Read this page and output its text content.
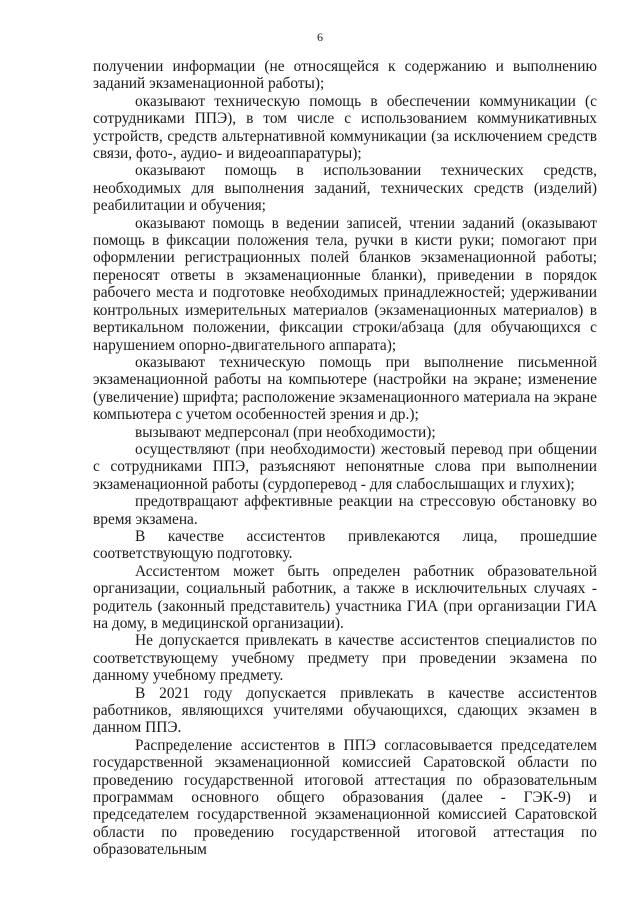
6

получении информации (не относящейся к содержанию и выполнению заданий экзаменационной работы);

оказывают техническую помощь в обеспечении коммуникации (с сотрудниками ППЭ), в том числе с использованием коммуникативных устройств, средств альтернативной коммуникации (за исключением средств связи, фото-, аудио- и видеоаппаратуры);

оказывают помощь в использовании технических средств, необходимых для выполнения заданий, технических средств (изделий) реабилитации и обучения;

оказывают помощь в ведении записей, чтении заданий (оказывают помощь в фиксации положения тела, ручки в кисти руки; помогают при оформлении регистрационных полей бланков экзаменационной работы; переносят ответы в экзаменационные бланки), приведении в порядок рабочего места и подготовке необходимых принадлежностей; удерживании контрольных измерительных материалов (экзаменационных материалов) в вертикальном положении, фиксации строки/абзаца (для обучающихся с нарушением опорно-двигательного аппарата);

оказывают техническую помощь при выполнение письменной экзаменационной работы на компьютере (настройки на экране; изменение (увеличение) шрифта; расположение экзаменационного материала на экране компьютера с учетом особенностей зрения и др.);

вызывают медперсонал (при необходимости);

осуществляют (при необходимости) жестовый перевод при общении с сотрудниками ППЭ, разъясняют непонятные слова при выполнении экзаменационной работы (сурдоперевод - для слабослышащих и глухих);

предотвращают аффективные реакции на стрессовую обстановку во время экзамена.

В качестве ассистентов привлекаются лица, прошедшие соответствующую подготовку.

Ассистентом может быть определен работник образовательной организации, социальный работник, а также в исключительных случаях - родитель (законный представитель) участника ГИА (при организации ГИА на дому, в медицинской организации).

Не допускается привлекать в качестве ассистентов специалистов по соответствующему учебному предмету при проведении экзамена по данному учебному предмету.

В 2021 году допускается привлекать в качестве ассистентов работников, являющихся учителями обучающихся, сдающих экзамен в данном ППЭ.

Распределение ассистентов в ППЭ согласовывается председателем государственной экзаменационной комиссией Саратовской области по проведению государственной итоговой аттестация по образовательным программам основного общего образования (далее - ГЭК-9) и председателем государственной экзаменационной комиссией Саратовской области по проведению государственной итоговой аттестация по образовательным
